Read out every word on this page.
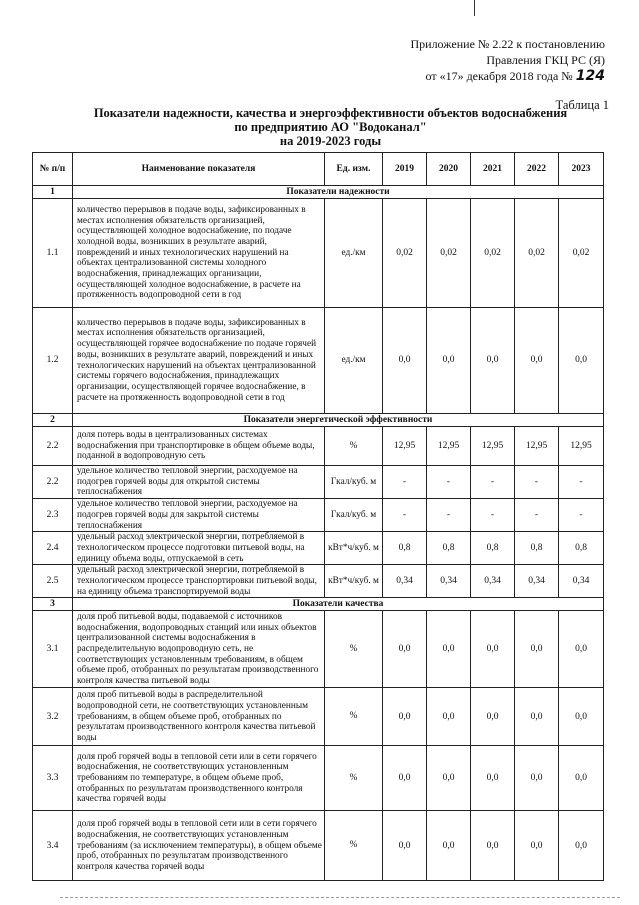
Приложение № 2.22 к постановлению
Правления ГКЦ РС (Я)
от «17» декабря 2018 года № 124
Таблица 1
Показатели надежности, качества и энергоэффективности объектов водоснабжения
по предприятию АО "Водоканал"
на 2019-2023 годы
№ п/п	Наименование показателя	Ед. изм.	2019	2020	2021	2022	2023
1	Показатели надежности						
1.1	количество перерывов в подаче воды, зафиксированных в местах исполнения обязательств организацией, осуществляющей холодное водоснабжение, по подаче холодной воды, возникших в результате аварий, повреждений и иных технологических нарушений на объектах централизованной системы холодного водоснабжения, принадлежащих организации, осуществляющей холодное водоснабжение, в расчете на протяженность водопроводной сети в год	ед./км	0,02	0,02	0,02	0,02	0,02
1.2	количество перерывов в подаче воды, зафиксированных в местах исполнения обязательств организацией, осуществляющей горячее водоснабжение по подаче горячей воды, возникших в результате аварий, повреждений и иных технологических нарушений на объектах централизованной системы горячего водоснабжения, принадлежащих организации, осуществляющей горячее водоснабжение, в расчете на протяженность водопроводной сети в год	ед./км	0,0	0,0	0,0	0,0	0,0
2	Показатели энергетической эффективности						
2.2	доля потерь воды в централизованных системах водоснабжения при транспортировке в общем объеме воды, поданной в водопроводную сеть	%	12,95	12,95	12,95	12,95	12,95
2.2	удельное количество тепловой энергии, расходуемое на подогрев горячей воды для открытой системы теплоснабжения	Гкал/куб. м	-	-	-	-	-
2.3	удельное количество тепловой энергии, расходуемое на подогрев горячей воды для закрытой системы теплоснабжения	Гкал/куб. м	-	-	-	-	-
2.4	удельный расход электрической энергии, потребляемой в технологическом процессе подготовки питьевой воды, на единицу объема воды, отпускаемой в сеть	кВт*ч/куб. м	0,8	0,8	0,8	0,8	0,8
2.5	удельный расход электрической энергии, потребляемой в технологическом процессе транспортировки питьевой воды, на единицу объема транспортируемой воды	кВт*ч/куб. м	0,34	0,34	0,34	0,34	0,34
3	Показатели качества						
3.1	доля проб питьевой воды, подаваемой с источников водоснабжения, водопроводных станций или иных объектов централизованной системы водоснабжения в распределительную водопроводную сеть, не соответствующих установленным требованиям, в общем объеме проб, отобранных по результатам производственного контроля качества питьевой воды	%	0,0	0,0	0,0	0,0	0,0
3.2	доля проб питьевой воды в распределительной водопроводной сети, не соответствующих установленным требованиям, в общем объеме проб, отобранных по результатам производственного контроля качества питьевой воды	%	0,0	0,0	0,0	0,0	0,0
3.3	доля проб горячей воды в тепловой сети или в сети горячего водоснабжения, не соответствующих установленным требованиям по температуре, в общем объеме проб, отобранных по результатам производственного контроля качества горячей воды	%	0,0	0,0	0,0	0,0	0,0
3.4	доля проб горячей воды в тепловой сети или в сети горячего водоснабжения, не соответствующих установленным требованиям (за исключением температуры), в общем объеме проб, отобранных по результатам производственного контроля качества горячей воды	%	0,0	0,0	0,0	0,0	0,0
